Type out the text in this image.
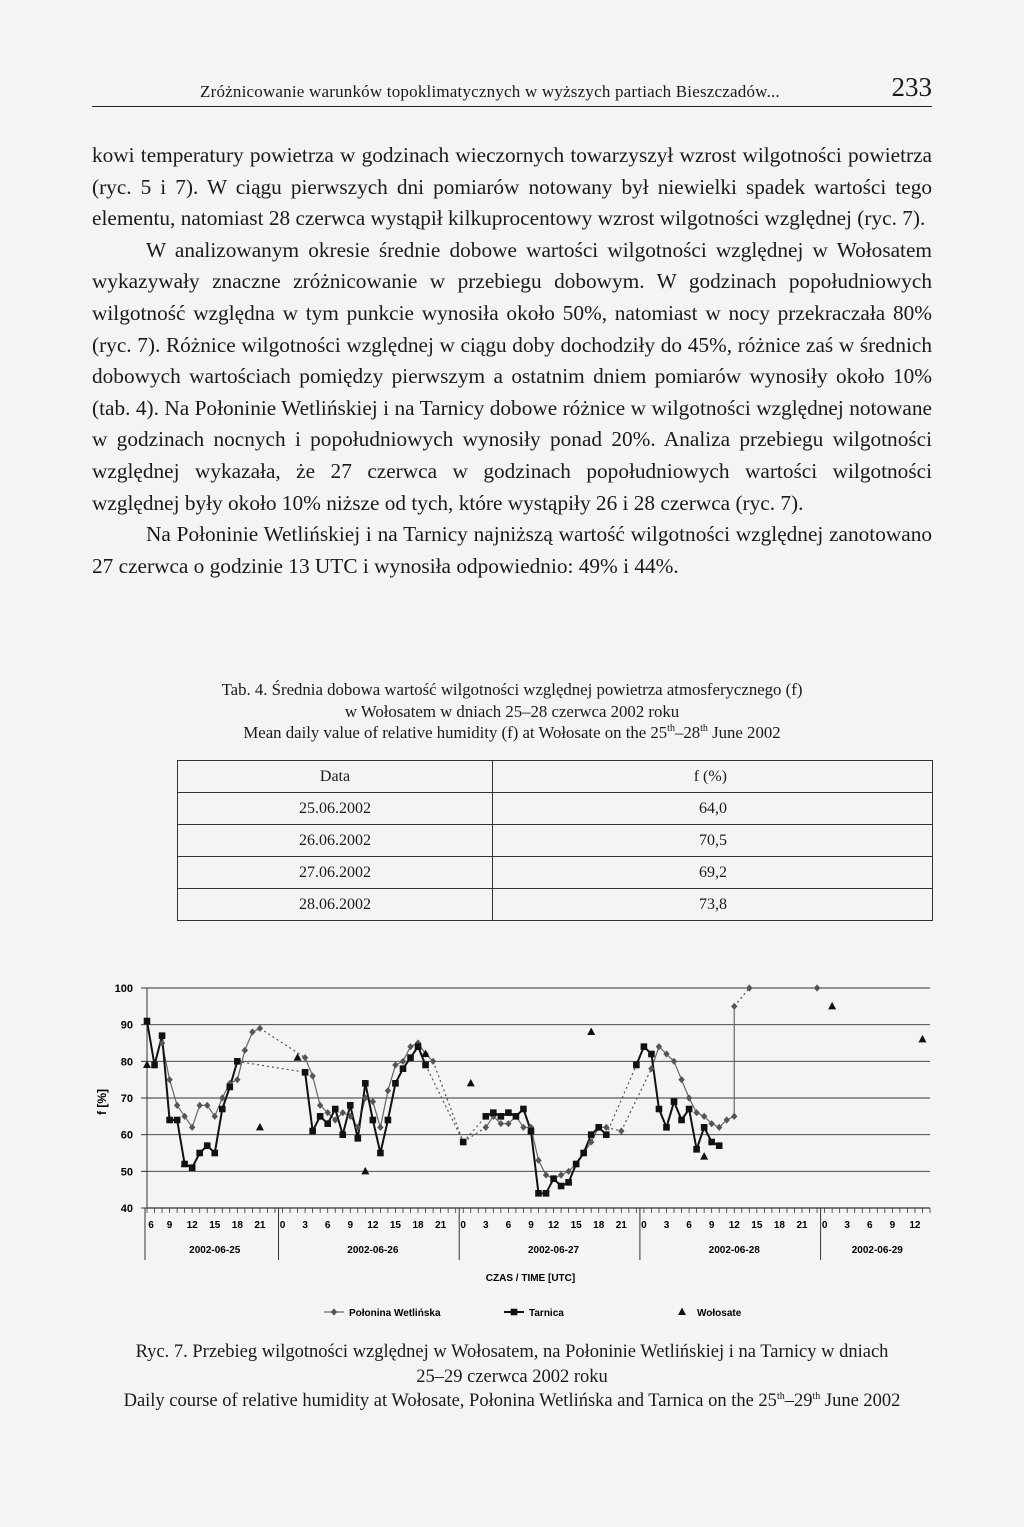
Zróżnicowanie warunków topoklimatycznych w wyższych partiach Bieszczadów...	233

kowi temperatury powietrza w godzinach wieczornych towarzyszył wzrost wilgotności powietrza (ryc. 5 i 7). W ciągu pierwszych dni pomiarów notowany był niewielki spadek wartości tego elementu, natomiast 28 czerwca wystąpił kilkuprocentowy wzrost wilgotności względnej (ryc. 7).

W analizowanym okresie średnie dobowe wartości wilgotności względnej w Wołosatem wykazywały znaczne zróżnicowanie w przebiegu dobowym. W godzinach popołudniowych wilgotność względna w tym punkcie wynosiła około 50%, natomiast w nocy przekraczała 80% (ryc. 7). Różnice wilgotności względnej w ciągu doby dochodziły do 45%, różnice zaś w średnich dobowych wartościach pomiędzy pierwszym a ostatnim dniem pomiarów wynosiły około 10% (tab. 4). Na Połoninie Wetlińskiej i na Tarnicy dobowe różnice w wilgotności względnej notowane w godzinach nocnych i popołudniowych wynosiły ponad 20%. Analiza przebiegu wilgotności względnej wykazała, że 27 czerwca w godzinach popołudniowych wartości wilgotności względnej były około 10% niższe od tych, które wystąpiły 26 i 28 czerwca (ryc. 7).

Na Połoninie Wetlińskiej i na Tarnicy najniższą wartość wilgotności względnej zanotowano 27 czerwca o godzinie 13 UTC i wynosiła odpowiednio: 49% i 44%.

Tab. 4. Średnia dobowa wartość wilgotności względnej powietrza atmosferycznego (f)
w Wołosatem w dniach 25–28 czerwca 2002 roku
Mean daily value of relative humidity (f) at Wołosate on the 25th–28th June 2002
Data	f (%)
25.06.2002	64,0
26.06.2002	70,5
27.06.2002	69,2
28.06.2002	73,8
40
50
60
70
80
90
100
f [%]
6 9 12 15 18 21 0 3 6 9 12 15 18 21 0 3 6 9 12 15 18 21 0 3 6 9 12 15 18 21 0 3 6 9 12
2002-06-25	2002-06-26	2002-06-27	2002-06-28	2002-06-29
CZAS / TIME [UTC]
Połonina Wetlińska	Tarnica	Wołosate
Ryc. 7. Przebieg wilgotności względnej w Wołosatem, na Połoninie Wetlińskiej i na Tarnicy w dniach
25–29 czerwca 2002 roku
Daily course of relative humidity at Wołosate, Połonina Wetlińska and Tarnica on the 25th–29th June 2002
